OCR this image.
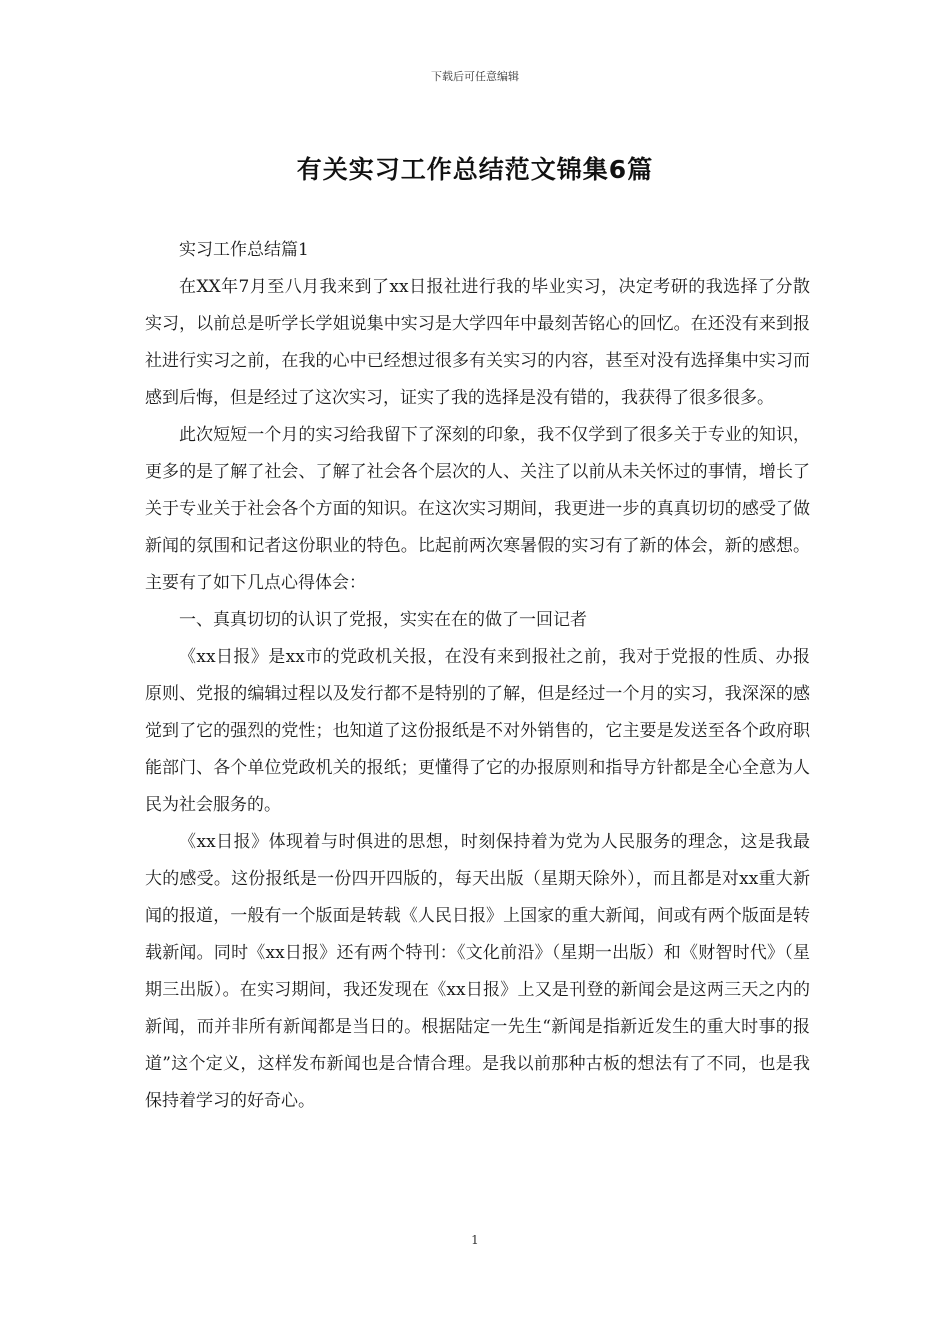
下载后可任意编辑
有关实习工作总结范文锦集6篇

实习工作总结篇1

在XX年7月至八月我来到了xx日报社进行我的毕业实习，决定考研的我选择了分散实习，以前总是听学长学姐说集中实习是大学四年中最刻苦铭心的回忆。在还没有来到报社进行实习之前，在我的心中已经想过很多有关实习的内容，甚至对没有选择集中实习而感到后悔，但是经过了这次实习，证实了我的选择是没有错的，我获得了很多很多。

此次短短一个月的实习给我留下了深刻的印象，我不仅学到了很多关于专业的知识，更多的是了解了社会、了解了社会各个层次的人、关注了以前从未关怀过的事情，增长了关于专业关于社会各个方面的知识。在这次实习期间，我更进一步的真真切切的感受了做新闻的氛围和记者这份职业的特色。比起前两次寒暑假的实习有了新的体会，新的感想。主要有了如下几点心得体会：

一、真真切切的认识了党报，实实在在的做了一回记者

《xx日报》是xx市的党政机关报，在没有来到报社之前，我对于党报的性质、办报原则、党报的编辑过程以及发行都不是特别的了解，但是经过一个月的实习，我深深的感觉到了它的强烈的党性；也知道了这份报纸是不对外销售的，它主要是发送至各个政府职能部门、各个单位党政机关的报纸；更懂得了它的办报原则和指导方针都是全心全意为人民为社会服务的。

《xx日报》体现着与时俱进的思想，时刻保持着为党为人民服务的理念，这是我最大的感受。这份报纸是一份四开四版的，每天出版（星期天除外），而且都是对xx重大新闻的报道，一般有一个版面是转载《人民日报》上国家的重大新闻，间或有两个版面是转载新闻。同时《xx日报》还有两个特刊：《文化前沿》（星期一出版）和《财智时代》（星期三出版）。在实习期间，我还发现在《xx日报》上又是刊登的新闻会是这两三天之内的新闻，而并非所有新闻都是当日的。根据陆定一先生“新闻是指新近发生的重大时事的报道”这个定义，这样发布新闻也是合情合理。是我以前那种古板的想法有了不同，也是我保持着学习的好奇心。

1
